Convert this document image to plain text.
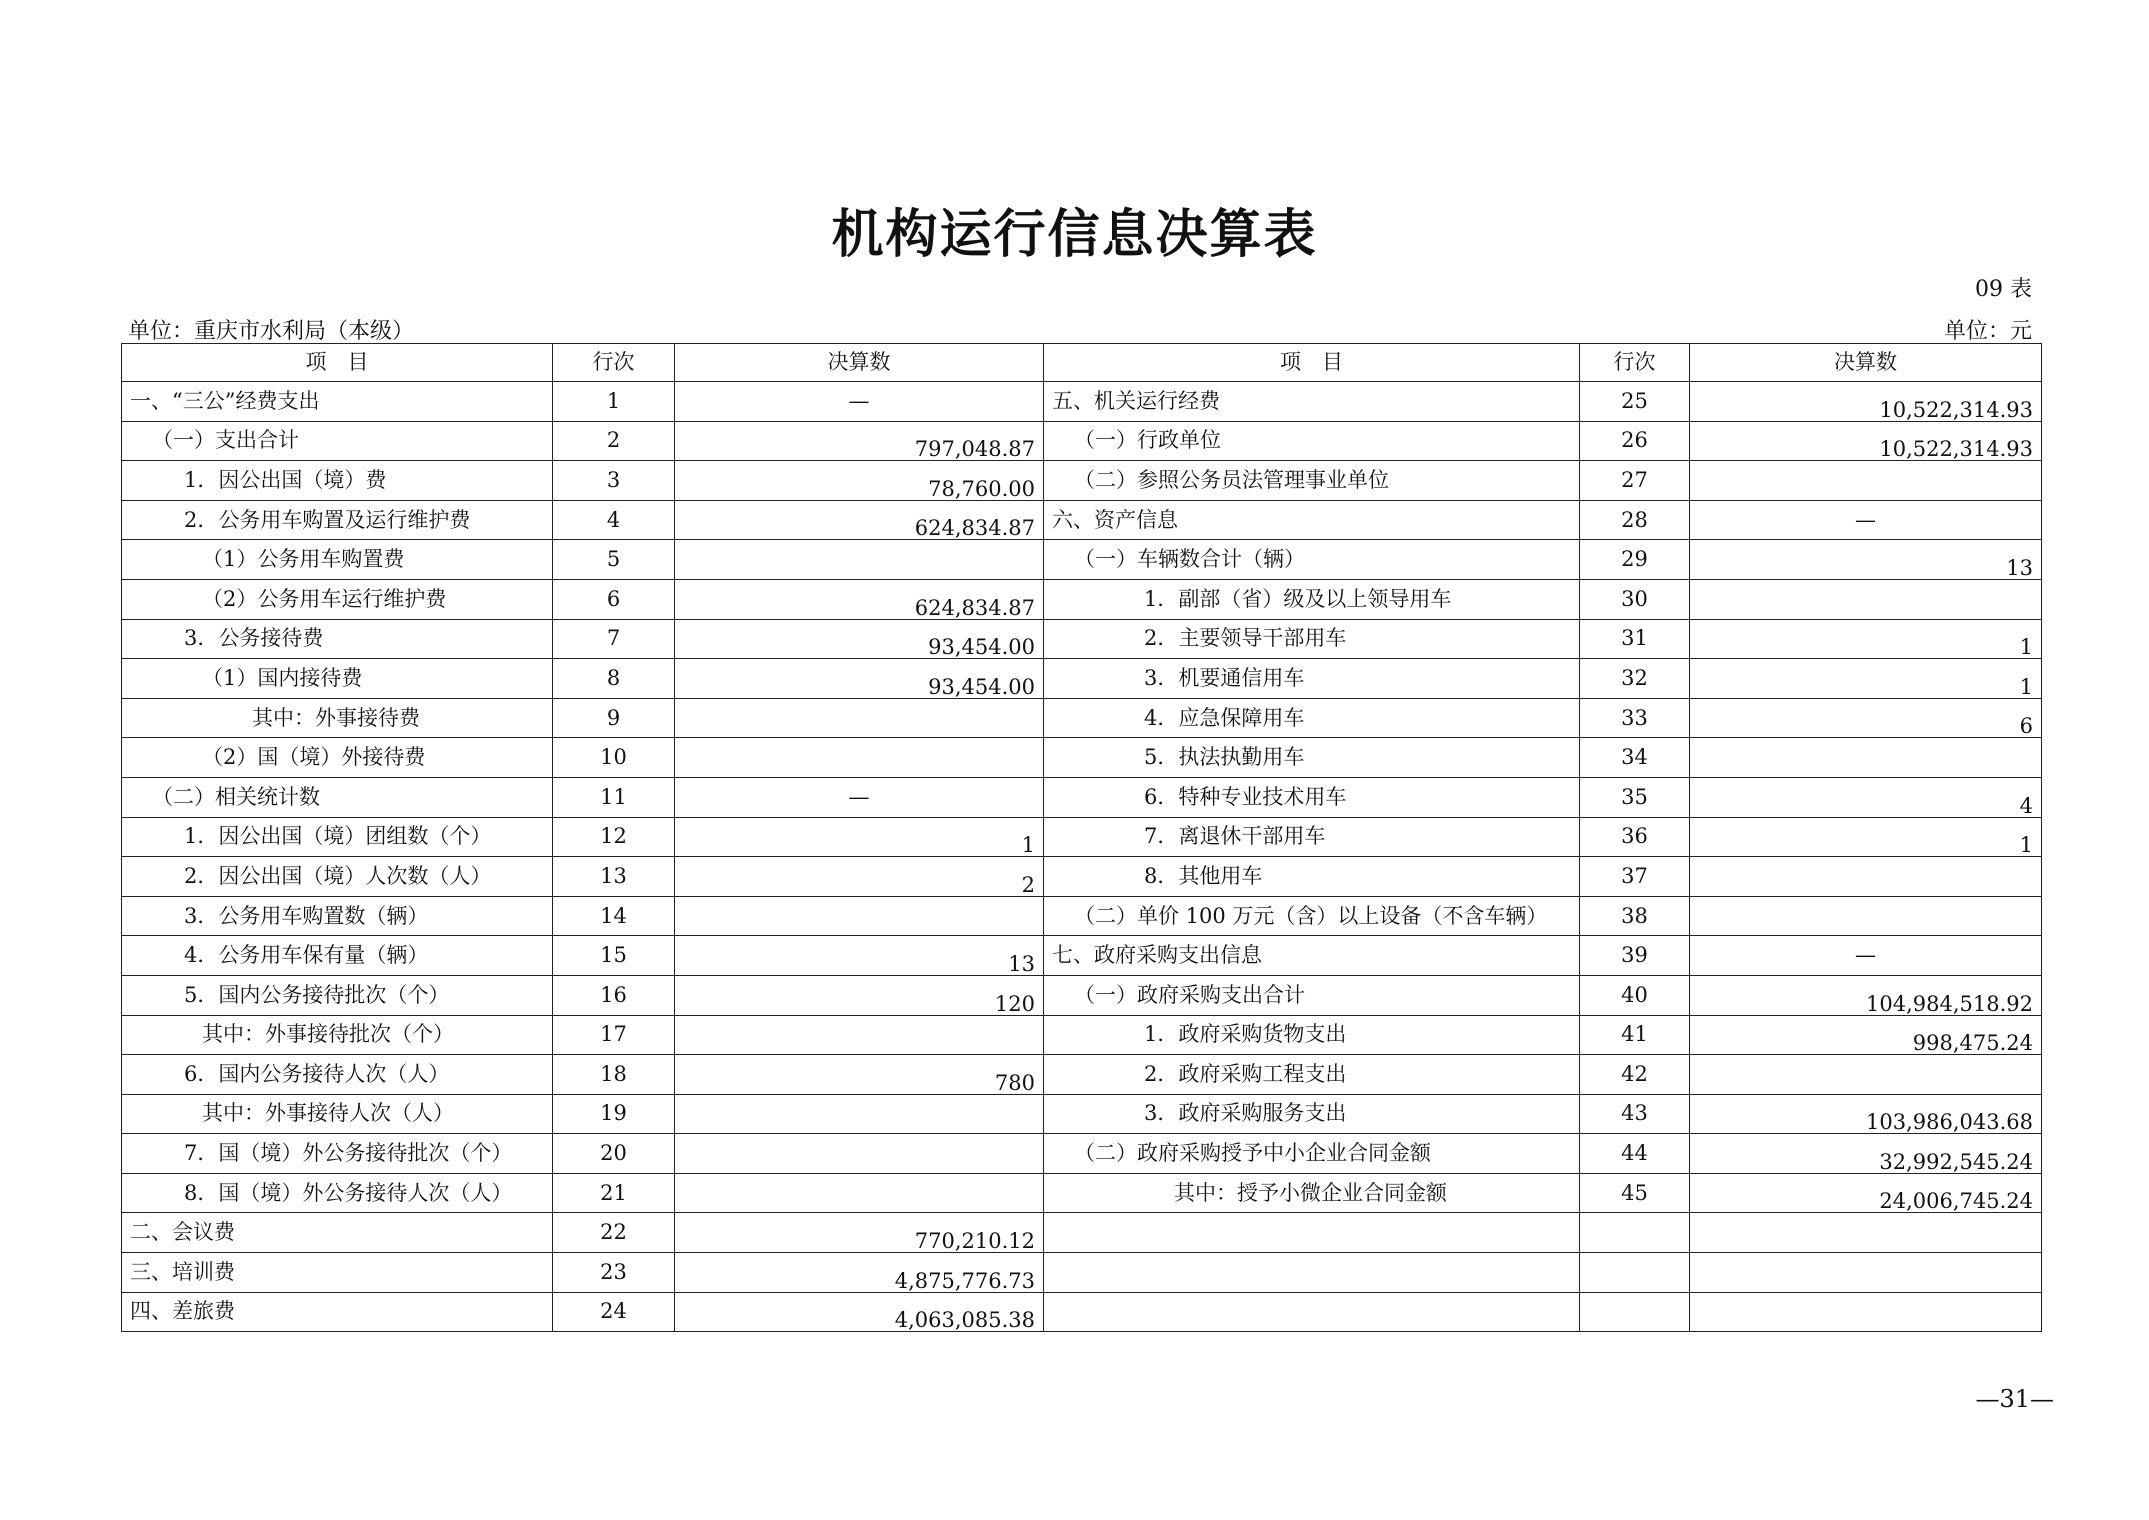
机构运行信息决算表
09 表
单位：重庆市水利局（本级）	单位：元
项　目	行次	决算数	项　目	行次	决算数
一、“三公”经费支出	1	—	五、机关运行经费	25	10,522,314.93
（一）支出合计	2	797,048.87	（一）行政单位	26	10,522,314.93
1．因公出国（境）费	3	78,760.00	（二）参照公务员法管理事业单位	27	
2．公务用车购置及运行维护费	4	624,834.87	六、资产信息	28	—
（1）公务用车购置费	5		（一）车辆数合计（辆）	29	13
（2）公务用车运行维护费	6	624,834.87	1．副部（省）级及以上领导用车	30	
3．公务接待费	7	93,454.00	2．主要领导干部用车	31	1
（1）国内接待费	8	93,454.00	3．机要通信用车	32	1
其中：外事接待费	9		4．应急保障用车	33	6
（2）国（境）外接待费	10		5．执法执勤用车	34	
（二）相关统计数	11	—	6．特种专业技术用车	35	4
1．因公出国（境）团组数（个）	12	1	7．离退休干部用车	36	1
2．因公出国（境）人次数（人）	13	2	8．其他用车	37	
3．公务用车购置数（辆）	14		（二）单价 100 万元（含）以上设备（不含车辆）	38	
4．公务用车保有量（辆）	15	13	七、政府采购支出信息	39	—
5．国内公务接待批次（个）	16	120	（一）政府采购支出合计	40	104,984,518.92
其中：外事接待批次（个）	17		1．政府采购货物支出	41	998,475.24
6．国内公务接待人次（人）	18	780	2．政府采购工程支出	42	
其中：外事接待人次（人）	19		3．政府采购服务支出	43	103,986,043.68
7．国（境）外公务接待批次（个）	20		（二）政府采购授予中小企业合同金额	44	32,992,545.24
8．国（境）外公务接待人次（人）	21		其中：授予小微企业合同金额	45	24,006,745.24
二、会议费	22	770,210.12			
三、培训费	23	4,875,776.73			
四、差旅费	24	4,063,085.38			
—31—
